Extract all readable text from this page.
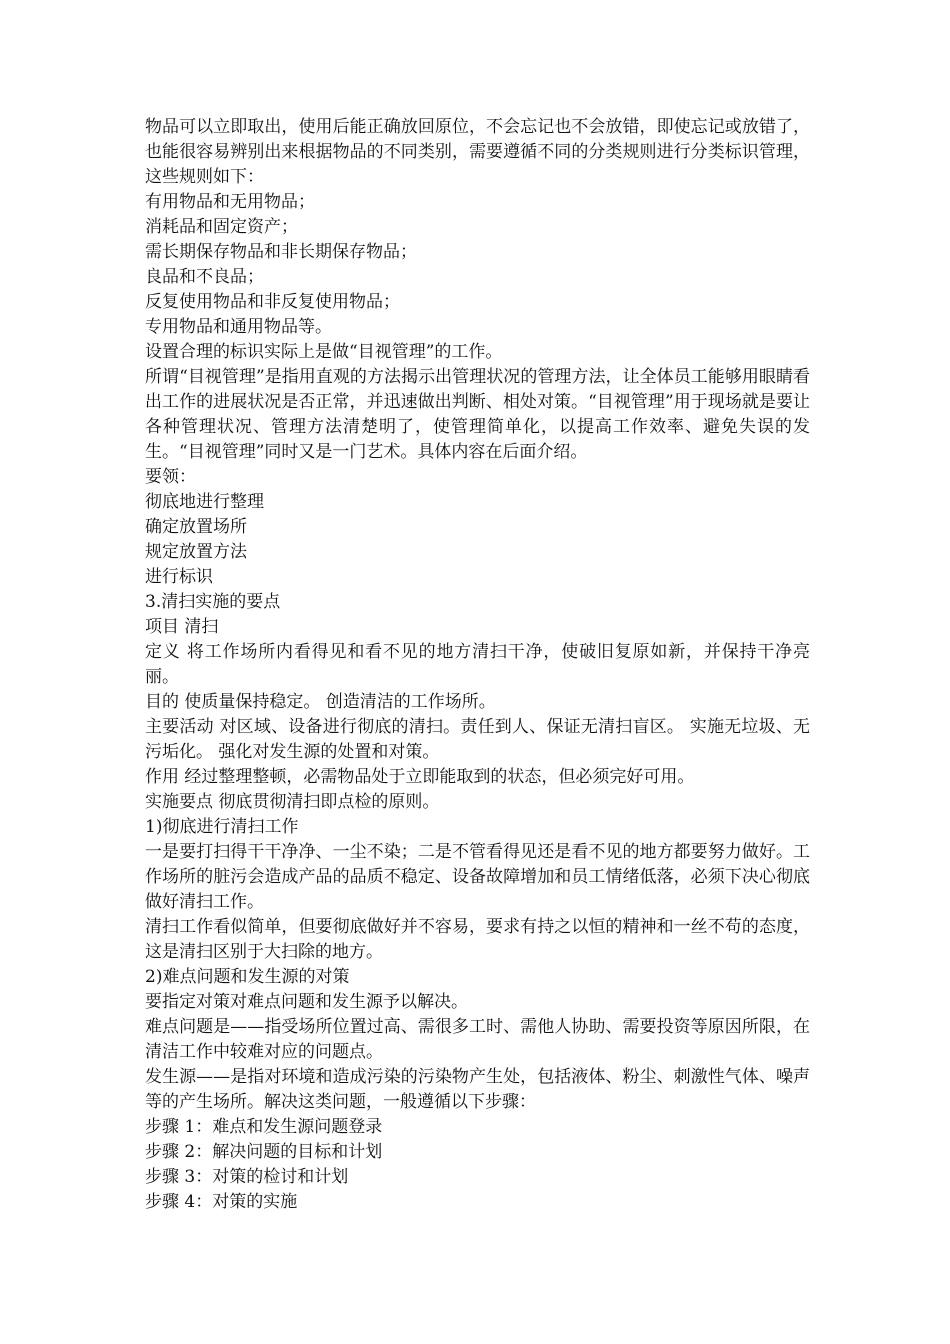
物品可以立即取出，使用后能正确放回原位，不会忘记也不会放错，即使忘记或放错了，也能很容易辨别出来根据物品的不同类别，需要遵循不同的分类规则进行分类标识管理，这些规则如下：

有用物品和无用物品；

消耗品和固定资产；

需长期保存物品和非长期保存物品；

良品和不良品；

反复使用物品和非反复使用物品；

专用物品和通用物品等。

设置合理的标识实际上是做“目视管理”的工作。

所谓“目视管理”是指用直观的方法揭示出管理状况的管理方法，让全体员工能够用眼睛看出工作的进展状况是否正常，并迅速做出判断、相处对策。“目视管理”用于现场就是要让各种管理状况、管理方法清楚明了，使管理简单化，以提高工作效率、避免失误的发生。“目视管理”同时又是一门艺术。具体内容在后面介绍。

要领：

彻底地进行整理

确定放置场所

规定放置方法

进行标识

3.清扫实施的要点

项目 清扫

定义 将工作场所内看得见和看不见的地方清扫干净，使破旧复原如新，并保持干净亮丽。

目的 使质量保持稳定。 创造清洁的工作场所。

主要活动 对区域、设备进行彻底的清扫。责任到人、保证无清扫盲区。 实施无垃圾、无污垢化。 强化对发生源的处置和对策。

作用 经过整理整顿，必需物品处于立即能取到的状态，但必须完好可用。

实施要点 彻底贯彻清扫即点检的原则。

1)彻底进行清扫工作

一是要打扫得干干净净、一尘不染；二是不管看得见还是看不见的地方都要努力做好。工作场所的脏污会造成产品的品质不稳定、设备故障增加和员工情绪低落，必须下决心彻底做好清扫工作。

清扫工作看似简单，但要彻底做好并不容易，要求有持之以恒的精神和一丝不苟的态度，这是清扫区别于大扫除的地方。

2)难点问题和发生源的对策

要指定对策对难点问题和发生源予以解决。

难点问题是——指受场所位置过高、需很多工时、需他人协助、需要投资等原因所限，在清洁工作中较难对应的问题点。

发生源——是指对环境和造成污染的污染物产生处，包括液体、粉尘、刺激性气体、噪声等的产生场所。解决这类问题，一般遵循以下步骤：

步骤 1：难点和发生源问题登录

步骤 2：解决问题的目标和计划

步骤 3：对策的检讨和计划

步骤 4：对策的实施
